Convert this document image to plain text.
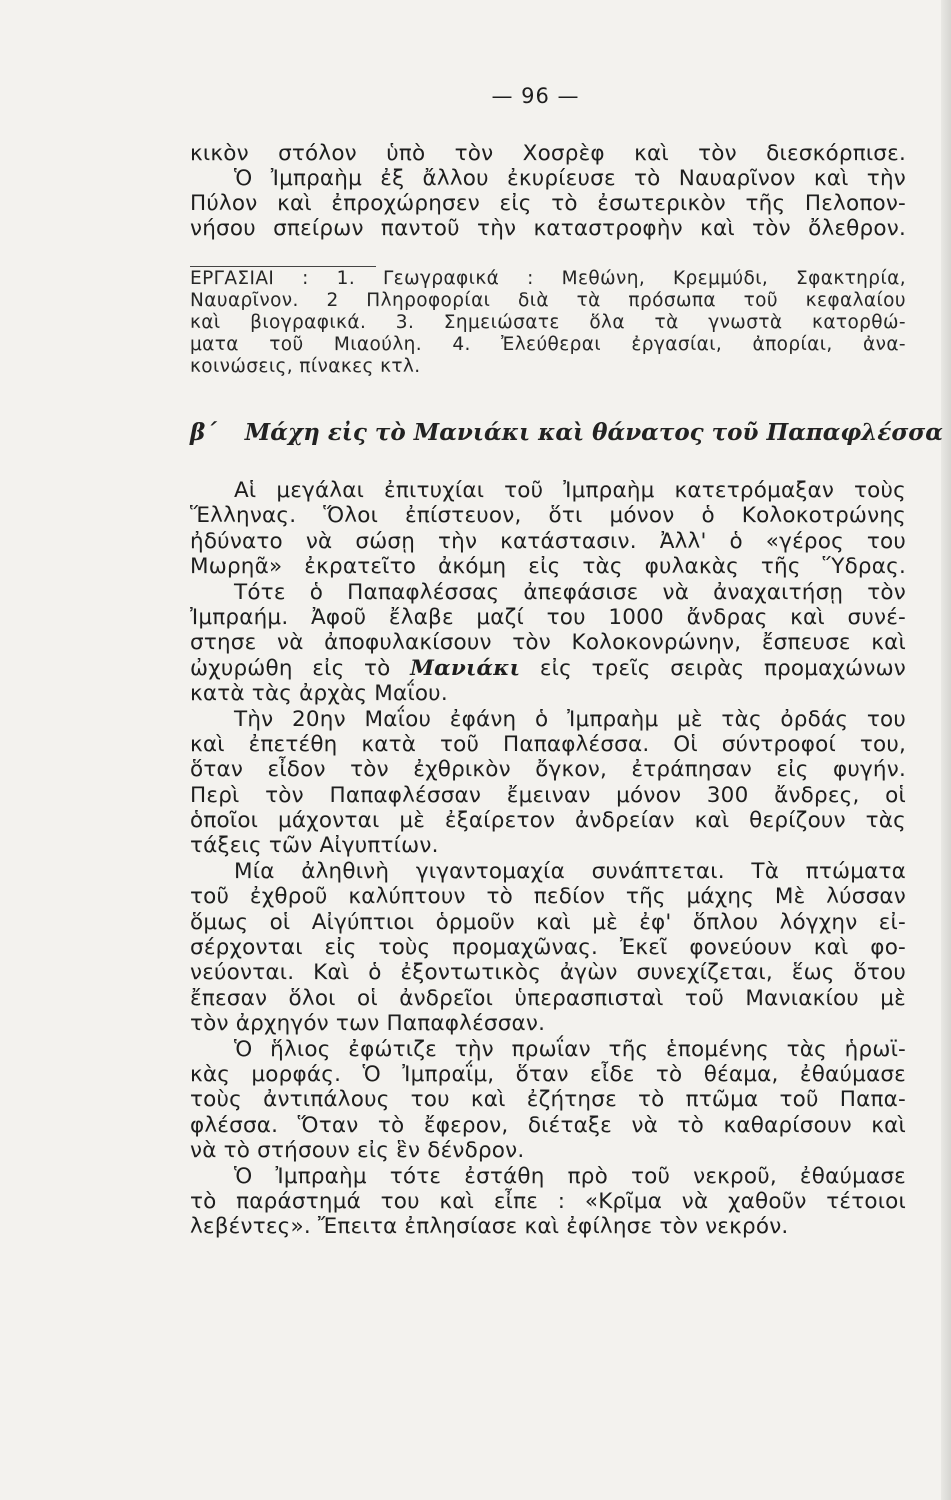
— 96 —
κικὸν στόλον ὑπὸ τὸν Χοσρὲφ καὶ τὸν διεσκόρπισε.
Ὁ Ἰμπραὴμ ἐξ ἄλλου ἐκυρίευσε τὸ Ναυαρῖνον καὶ τὴν
Πύλον καὶ ἐπροχώρησεν εἰς τὸ ἐσωτερικὸν τῆς Πελοπον-
νήσου σπείρων παντοῦ τὴν καταστροφὴν καὶ τὸν ὄλεθρον.
ΕΡΓΑΣΙΑΙ : 1. Γεωγραφικά : Μεθώνη, Κρεμμύδι, Σφακτηρία,
Ναυαρῖνον. 2 Πληροφορίαι διὰ τὰ πρόσωπα τοῦ κεφαλαίου
καὶ βιογραφικά. 3. Σημειώσατε ὅλα τὰ γνωστὰ κατορθώ-
ματα τοῦ Μιαούλη. 4. Ἐλεύθεραι ἐργασίαι, ἀπορίαι, ἀνα-
κοινώσεις, πίνακες κτλ.
β΄ Μάχη εἰς τὸ Μανιάκι καὶ θάνατος τοῦ Παπαφλέσσα
Αἱ μεγάλαι ἐπιτυχίαι τοῦ Ἰμπραὴμ κατετρόμαξαν τοὺς
Ἕλληνας. Ὅλοι ἐπίστευον, ὅτι μόνον ὁ Κολοκοτρώνης
ἠδύνατο νὰ σώσῃ τὴν κατάστασιν. Ἀλλ' ὁ «γέρος του
Μωρηᾶ» ἐκρατεῖτο ἀκόμη εἰς τὰς φυλακὰς τῆς Ὕδρας.
Τότε ὁ Παπαφλέσσας ἀπεφάσισε νὰ ἀναχαιτήσῃ τὸν
Ἰμπραήμ. Ἀφοῦ ἔλαβε μαζί του 1000 ἄνδρας καὶ συνέ-
στησε νὰ ἀποφυλακίσουν τὸν Κολοκονρώνην, ἔσπευσε καὶ
ὠχυρώθη εἰς τὸ Μανιάκι εἰς τρεῖς σειρὰς προμαχώνων
κατὰ τὰς ἀρχὰς Μαΐου.
Τὴν 20ην Μαΐου ἐφάνη ὁ Ἰμπραὴμ μὲ τὰς ὀρδάς του
καὶ ἐπετέθη κατὰ τοῦ Παπαφλέσσα. Οἱ σύντροφοί του,
ὅταν εἶδον τὸν ἐχθρικὸν ὄγκον, ἐτράπησαν εἰς φυγήν.
Περὶ τὸν Παπαφλέσσαν ἔμειναν μόνον 300 ἄνδρες, οἱ
ὁποῖοι μάχονται μὲ ἐξαίρετον ἀνδρείαν καὶ θερίζουν τὰς
τάξεις τῶν Αἰγυπτίων.
Μία ἀληθινὴ γιγαντομαχία συνάπτεται. Τὰ πτώματα
τοῦ ἐχθροῦ καλύπτουν τὸ πεδίον τῆς μάχης Μὲ λύσσαν
ὅμως οἱ Αἰγύπτιοι ὁρμοῦν καὶ μὲ ἐφ' ὅπλου λόγχην εἰ-
σέρχονται εἰς τοὺς προμαχῶνας. Ἐκεῖ φονεύουν καὶ φο-
νεύονται. Καὶ ὁ ἐξοντωτικὸς ἀγὼν συνεχίζεται, ἕως ὅτου
ἔπεσαν ὅλοι οἱ ἀνδρεῖοι ὑπερασπισταὶ τοῦ Μανιακίου μὲ
τὸν ἀρχηγόν των Παπαφλέσσαν.
Ὁ ἥλιος ἐφώτιζε τὴν πρωΐαν τῆς ἑπομένης τὰς ἡρωϊ-
κὰς μορφάς. Ὁ Ἰμπραΐμ, ὅταν εἶδε τὸ θέαμα, ἐθαύμασε
τοὺς ἀντιπάλους του καὶ ἐζήτησε τὸ πτῶμα τοῦ Παπα-
φλέσσα. Ὅταν τὸ ἔφερον, διέταξε νὰ τὸ καθαρίσουν καὶ
νὰ τὸ στήσουν εἰς ἓν δένδρον.
Ὁ Ἰμπραὴμ τότε ἐστάθη πρὸ τοῦ νεκροῦ, ἐθαύμασε
τὸ παράστημά του καὶ εἶπε : «Κρῖμα νὰ χαθοῦν τέτοιοι
λεβέντες». Ἔπειτα ἐπλησίασε καὶ ἐφίλησε τὸν νεκρόν.
